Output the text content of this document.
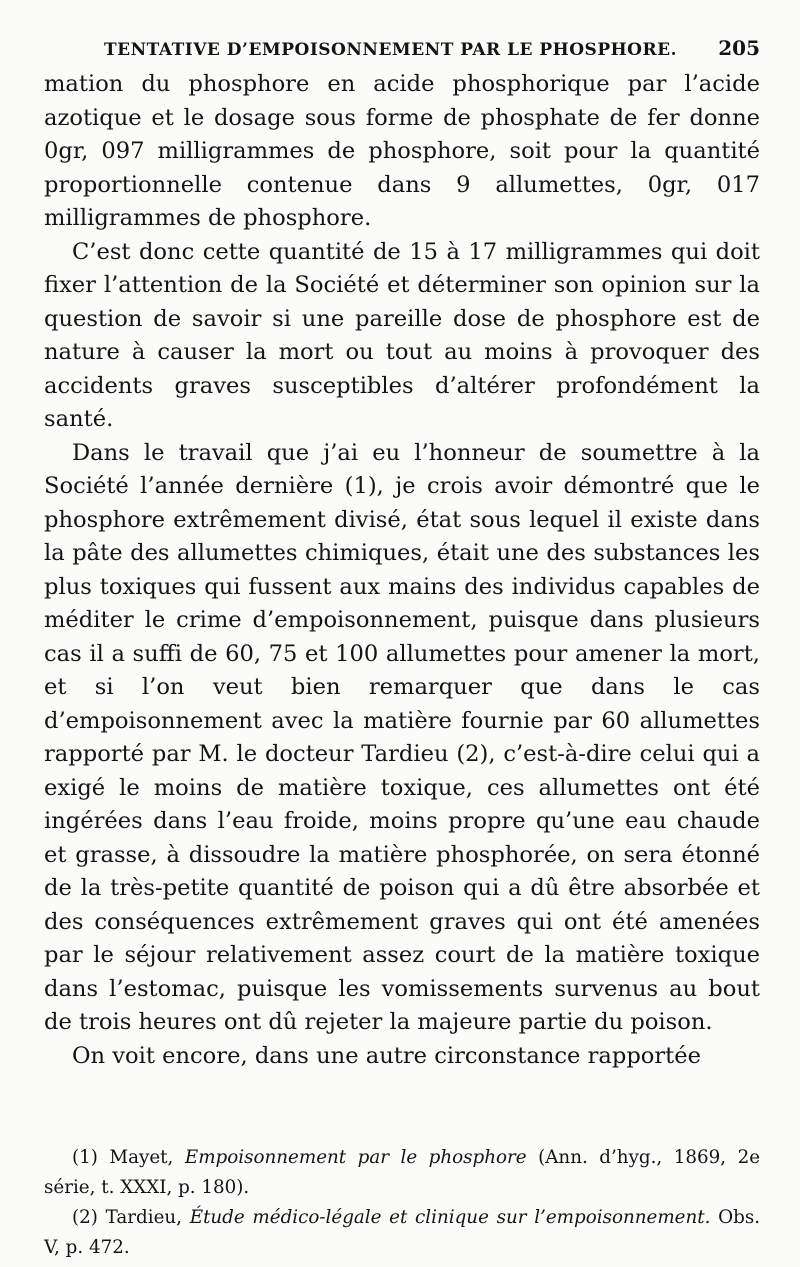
TENTATIVE D’EMPOISONNEMENT PAR LE PHOSPHORE. 205

mation du phosphore en acide phosphorique par l’acide azotique et le dosage sous forme de phosphate de fer donne 0gr, 097 milligrammes de phosphore, soit pour la quantité proportionnelle contenue dans 9 allumettes, 0gr, 017 milligrammes de phosphore.

C’est donc cette quantité de 15 à 17 milligrammes qui doit fixer l’attention de la Société et déterminer son opinion sur la question de savoir si une pareille dose de phosphore est de nature à causer la mort ou tout au moins à provoquer des accidents graves susceptibles d’altérer profondément la santé.

Dans le travail que j’ai eu l’honneur de soumettre à la Société l’année dernière (1), je crois avoir démontré que le phosphore extrêmement divisé, état sous lequel il existe dans la pâte des allumettes chimiques, était une des substances les plus toxiques qui fussent aux mains des individus capables de méditer le crime d’empoisonnement, puisque dans plusieurs cas il a suffi de 60, 75 et 100 allumettes pour amener la mort, et si l’on veut bien remarquer que dans le cas d’empoisonnement avec la matière fournie par 60 allumettes rapporté par M. le docteur Tardieu (2), c’est-à-dire celui qui a exigé le moins de matière toxique, ces allumettes ont été ingérées dans l’eau froide, moins propre qu’une eau chaude et grasse, à dissoudre la matière phosphorée, on sera étonné de la très-petite quantité de poison qui a dû être absorbée et des conséquences extrêmement graves qui ont été amenées par le séjour relativement assez court de la matière toxique dans l’estomac, puisque les vomissements survenus au bout de trois heures ont dû rejeter la majeure partie du poison.

On voit encore, dans une autre circonstance rapportée

(1) Mayet, Empoisonnement par le phosphore (Ann. d’hyg., 1869, 2e série, t. XXXI, p. 180).

(2) Tardieu, Étude médico-légale et clinique sur l’empoisonnement. Obs. V, p. 472.
